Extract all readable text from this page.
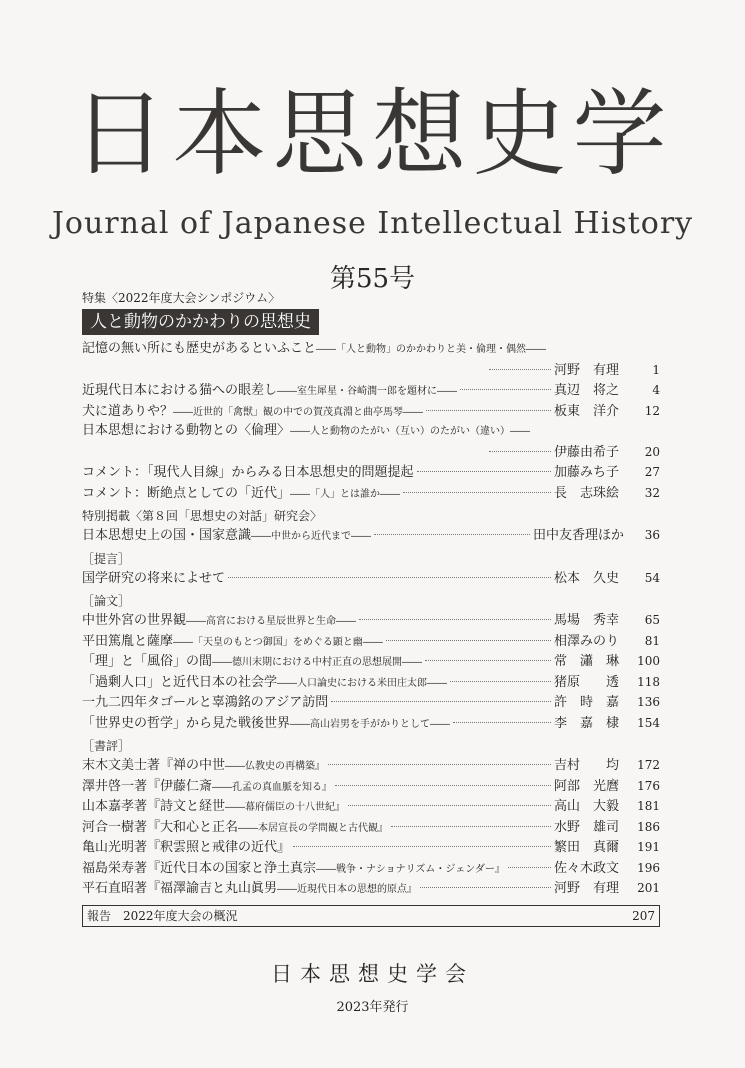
日本思想史学
Journal of Japanese Intellectual History
第55号
特集〈2022年度大会シンポジウム〉
人と動物のかかわりの思想史
記憶の無い所にも歴史があるといふこと――「人と動物」のかかわりと美・倫理・偶然――
河野　有理	1
近現代日本における猫への眼差し――室生犀星・谷崎潤一郎を題材に――	真辺　将之	4
犬に道ありや？――近世的「禽獣」観の中での賀茂真淵と曲亭馬琴――	板東　洋介	12
日本思想における動物との〈倫理〉――人と動物のたがい（互い）のたがい（違い）――
伊藤由希子	20
コメント：「現代人目線」からみる日本思想史的問題提起	加藤みち子	27
コメント：断絶点としての「近代」――「人」とは誰か――	長　志珠絵	32
特別掲載〈第８回「思想史の対話」研究会〉
日本思想史上の国・国家意識――中世から近代まで――	田中友香理ほか	36
［提言］
国学研究の将来によせて	松本　久史	54
［論文］
中世外宮の世界観――高宮における星辰世界と生命――	馬場　秀幸	65
平田篤胤と薩摩――「天皇のもとつ御国」をめぐる顕と幽――	相澤みのり	81
「理」と「風俗」の間――德川末期における中村正直の思想展開――	常　瀟　琳	100
「過剰人口」と近代日本の社会学――人口論史における米田庄太郎――	猪原　　透	118
一九二四年タゴールと辜鴻銘のアジア訪問	許　時　嘉	136
「世界史の哲学」から見た戦後世界――高山岩男を手がかりとして――	李　嘉　棣	154
［書評］
末木文美士著『禅の中世――仏教史の再構築』	吉村　　均	172
澤井啓一著『伊藤仁斎――孔孟の真血脈を知る』	阿部　光麿	176
山本嘉孝著『詩文と経世――幕府儒臣の十八世紀』	高山　大毅	181
河合一樹著『大和心と正名――本居宣長の学問観と古代観』	水野　雄司	186
亀山光明著『釈雲照と戒律の近代』	繁田　真爾	191
福島栄寿著『近代日本の国家と浄土真宗――戦争・ナショナリズム・ジェンダー』	佐々木政文	196
平石直昭著『福澤諭吉と丸山眞男――近現代日本の思想的原点』	河野　有理	201
報告 2022年度大会の概況	207
日本思想史学会
2023年発行
